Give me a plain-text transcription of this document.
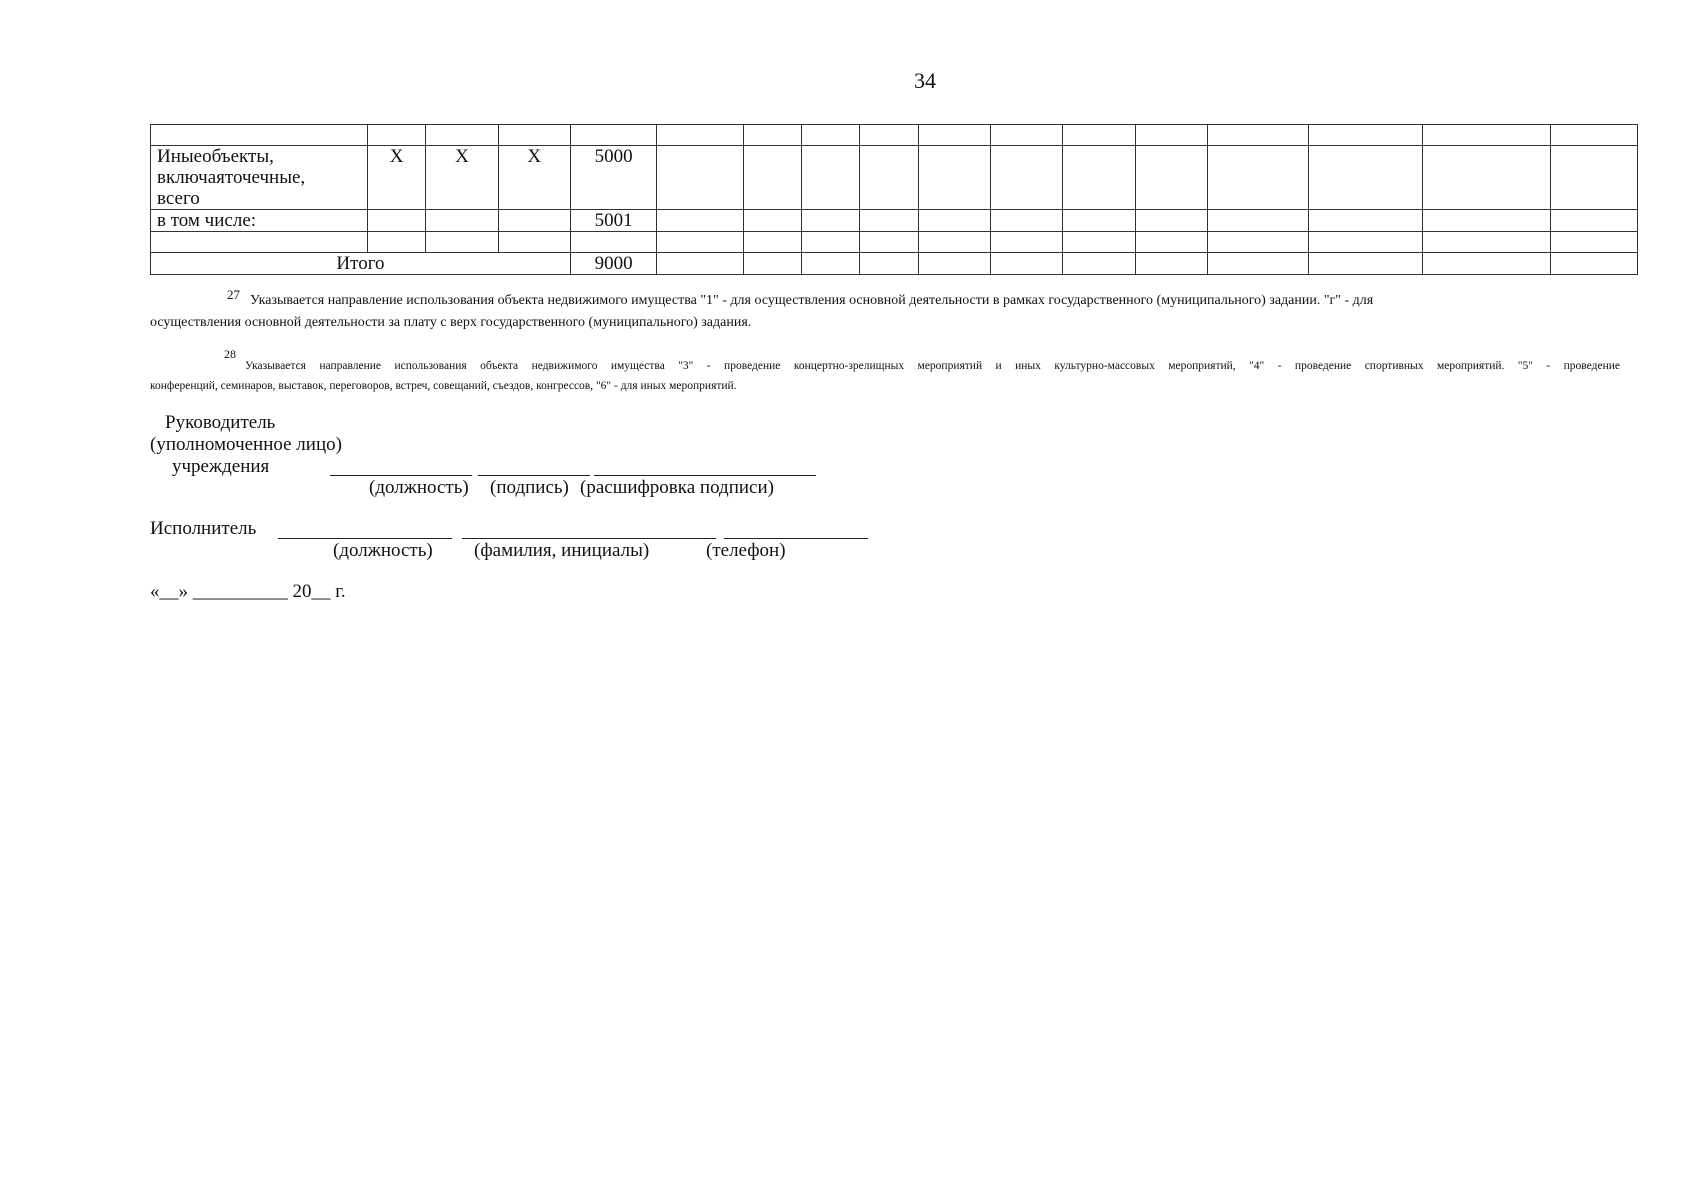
34

Иныеобъекты,
включаяточечные,
всего	X	X	X	5000												
в том числе:				5001												

Итого				9000												
27 Указывается направление использования объекта недвижимого имущества "1" - для осуществления основной деятельности в рамках государственного (муниципального) задании. "г" - для
осуществления основной деятельности за плату с верх государственного (муниципального) задания.
28
Указывается направление использования объекта недвижимого имущества "3" - проведение концертно-зрелищных мероприятий и иных культурно-массовых мероприятий, "4" - проведение спортивных мероприятий. "5" - проведение
конференций, семинаров, выставок, переговоров, встреч, совещаний, съездов, конгрессов, "6" - для иных мероприятий.
Руководитель
(уполномоченное лицо)
учреждения
(должность) (подпись) (расшифровка подписи)
Исполнитель
(должность) (фамилия, инициалы)	(телефон)
«__» __________ 20__ г.
